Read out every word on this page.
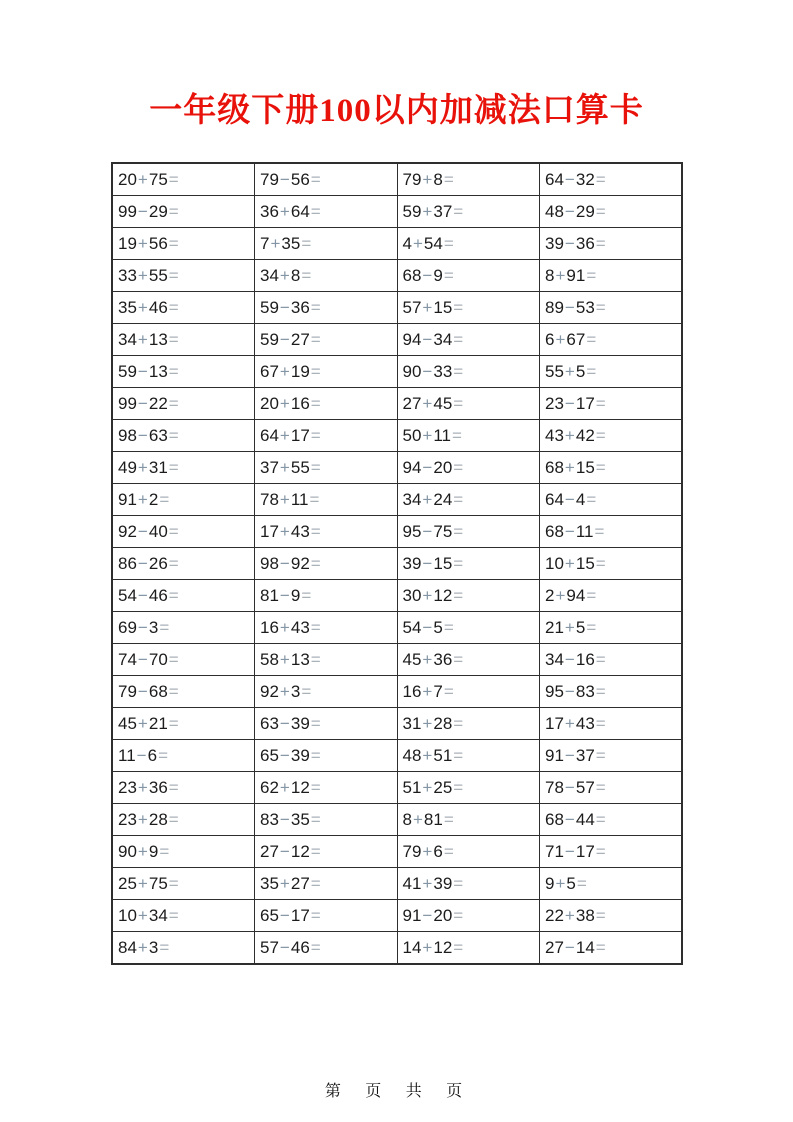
一年级下册100以内加减法口算卡
20+75=	79−56=	79+8=	64−32=
99−29=	36+64=	59+37=	48−29=
19+56=	7+35=	4+54=	39−36=
33+55=	34+8=	68−9=	8+91=
35+46=	59−36=	57+15=	89−53=
34+13=	59−27=	94−34=	6+67=
59−13=	67+19=	90−33=	55+5=
99−22=	20+16=	27+45=	23−17=
98−63=	64+17=	50+11=	43+42=
49+31=	37+55=	94−20=	68+15=
91+2=	78+11=	34+24=	64−4=
92−40=	17+43=	95−75=	68−11=
86−26=	98−92=	39−15=	10+15=
54−46=	81−9=	30+12=	2+94=
69−3=	16+43=	54−5=	21+5=
74−70=	58+13=	45+36=	34−16=
79−68=	92+3=	16+7=	95−83=
45+21=	63−39=	31+28=	17+43=
11−6=	65−39=	48+51=	91−37=
23+36=	62+12=	51+25=	78−57=
23+28=	83−35=	8+81=	68−44=
90+9=	27−12=	79+6=	71−17=
25+75=	35+27=	41+39=	9+5=
10+34=	65−17=	91−20=	22+38=
84+3=	57−46=	14+12=	27−14=
第 页 共 页
